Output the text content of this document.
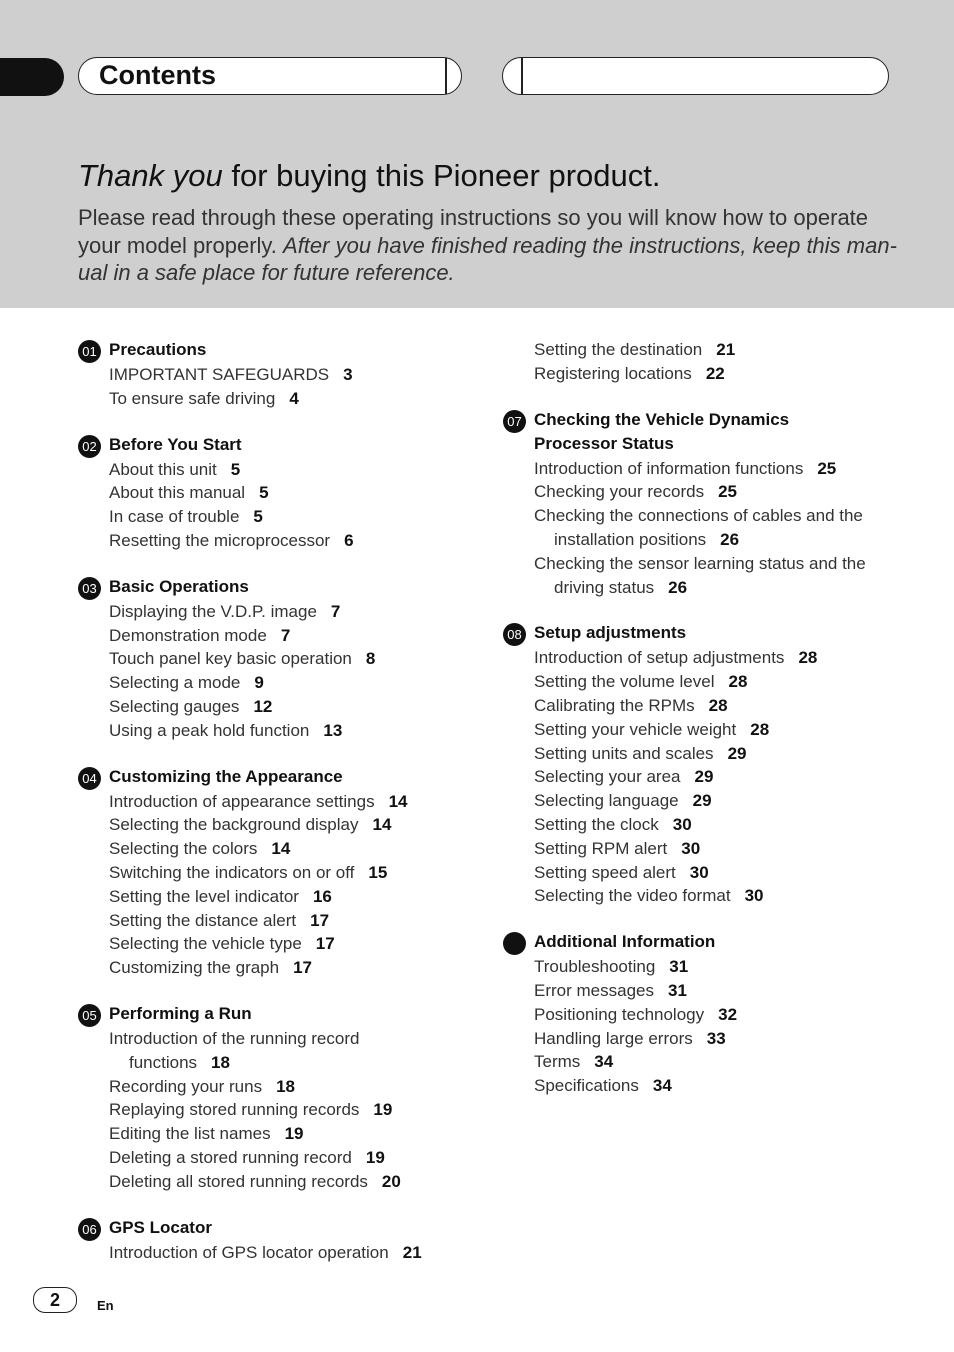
Contents
Thank you for buying this Pioneer product.
Please read through these operating instructions so you will know how to operate your model properly. After you have finished reading the instructions, keep this manual in a safe place for future reference.
01 Precautions
IMPORTANT SAFEGUARDS 3
To ensure safe driving 4
02 Before You Start
About this unit 5
About this manual 5
In case of trouble 5
Resetting the microprocessor 6
03 Basic Operations
Displaying the V.D.P. image 7
Demonstration mode 7
Touch panel key basic operation 8
Selecting a mode 9
Selecting gauges 12
Using a peak hold function 13
04 Customizing the Appearance
Introduction of appearance settings 14
Selecting the background display 14
Selecting the colors 14
Switching the indicators on or off 15
Setting the level indicator 16
Setting the distance alert 17
Selecting the vehicle type 17
Customizing the graph 17
05 Performing a Run
Introduction of the running record
functions 18
Recording your runs 18
Replaying stored running records 19
Editing the list names 19
Deleting a stored running record 19
Deleting all stored running records 20
06 GPS Locator
Introduction of GPS locator operation 21
Setting the destination 21
Registering locations 22
07 Checking the Vehicle Dynamics
Processor Status
Introduction of information functions 25
Checking your records 25
Checking the connections of cables and the
installation positions 26
Checking the sensor learning status and the
driving status 26
08 Setup adjustments
Introduction of setup adjustments 28
Setting the volume level 28
Calibrating the RPMs 28
Setting your vehicle weight 28
Setting units and scales 29
Selecting your area 29
Selecting language 29
Setting the clock 30
Setting RPM alert 30
Setting speed alert 30
Selecting the video format 30
Additional Information
Troubleshooting 31
Error messages 31
Positioning technology 32
Handling large errors 33
Terms 34
Specifications 34
2	En
